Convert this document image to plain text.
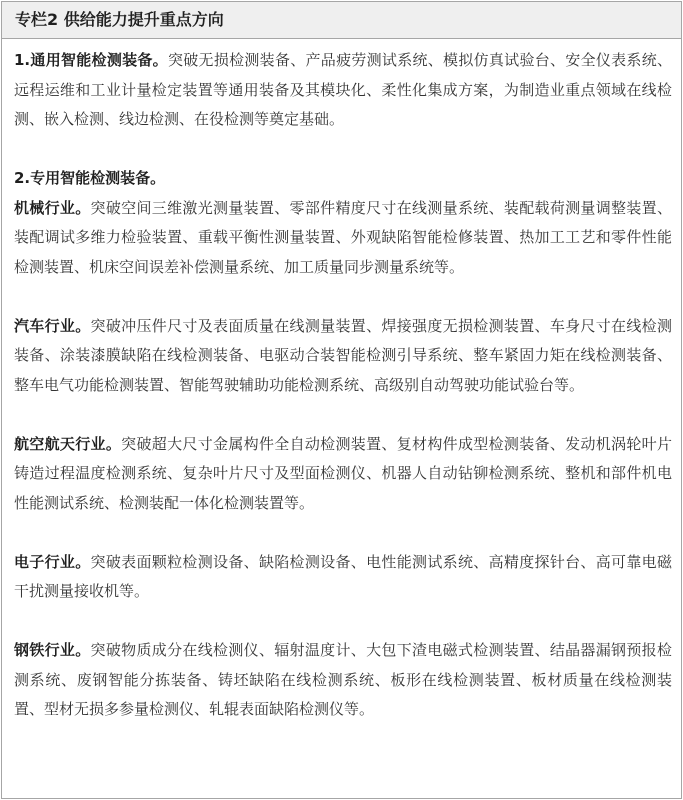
专栏2 供给能力提升重点方向

1.通用智能检测装备。突破无损检测装备、产品疲劳测试系统、模拟仿真试验台、安全仪表系统、远程运维和工业计量检定装置等通用装备及其模块化、柔性化集成方案，为制造业重点领域在线检测、嵌入检测、线边检测、在役检测等奠定基础。

2.专用智能检测装备。

机械行业。突破空间三维激光测量装置、零部件精度尺寸在线测量系统、装配载荷测量调整装置、装配调试多维力检验装置、重载平衡性测量装置、外观缺陷智能检修装置、热加工工艺和零件性能检测装置、机床空间误差补偿测量系统、加工质量同步测量系统等。

汽车行业。突破冲压件尺寸及表面质量在线测量装置、焊接强度无损检测装置、车身尺寸在线检测装备、涂装漆膜缺陷在线检测装备、电驱动合装智能检测引导系统、整车紧固力矩在线检测装备、整车电气功能检测装置、智能驾驶辅助功能检测系统、高级别自动驾驶功能试验台等。

航空航天行业。突破超大尺寸金属构件全自动检测装置、复材构件成型检测装备、发动机涡轮叶片铸造过程温度检测系统、复杂叶片尺寸及型面检测仪、机器人自动钻铆检测系统、整机和部件机电性能测试系统、检测装配一体化检测装置等。

电子行业。突破表面颗粒检测设备、缺陷检测设备、电性能测试系统、高精度探针台、高可靠电磁干扰测量接收机等。

钢铁行业。突破物质成分在线检测仪、辐射温度计、大包下渣电磁式检测装置、结晶器漏钢预报检测系统、废钢智能分拣装备、铸坯缺陷在线检测系统、板形在线检测装置、板材质量在线检测装置、型材无损多参量检测仪、轧辊表面缺陷检测仪等。
